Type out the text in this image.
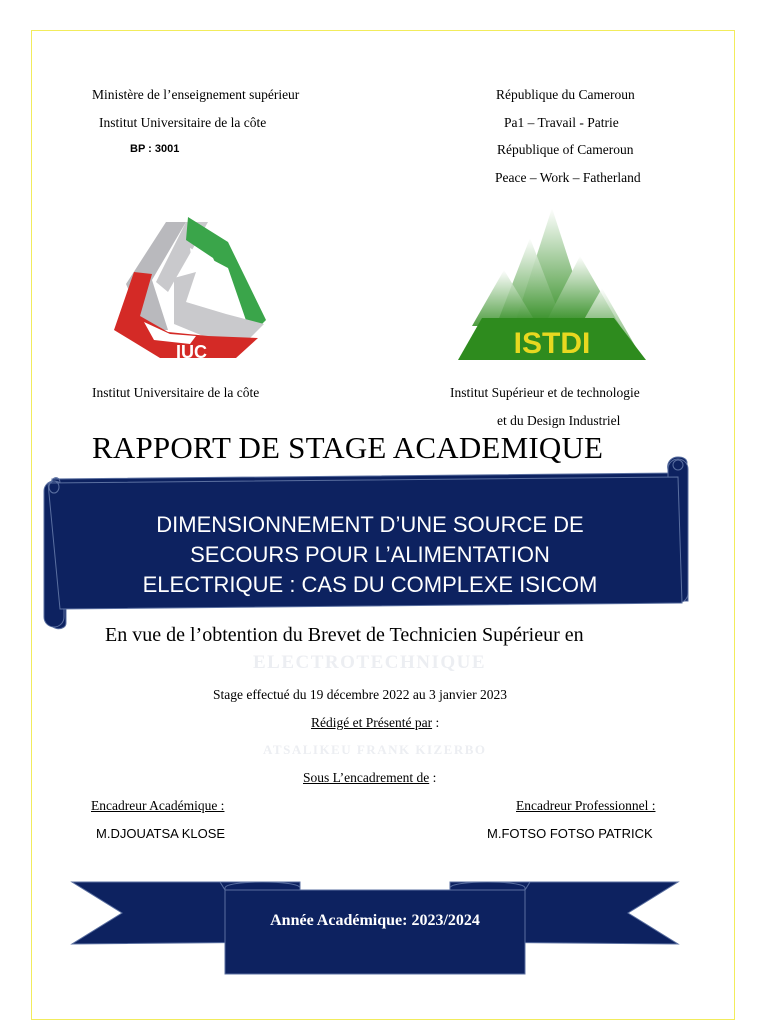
Ministère de l’enseignement supérieur
Institut Universitaire de la côte
BP : 3001
République du Cameroun
Pa1 – Travail - Patrie
République of Cameroun
Peace – Work – Fatherland
IUC	ISTDI
Institut Universitaire de la côte	Institut Supérieur et de technologie
et du Design Industriel
RAPPORT DE STAGE ACADEMIQUE
DIMENSIONNEMENT D’UNE SOURCE DE
SECOURS POUR L’ALIMENTATION
ELECTRIQUE : CAS DU COMPLEXE ISICOM
En vue de l’obtention du Brevet de Technicien Supérieur en
ELECTROTECHNIQUE
Stage effectué du 19 décembre 2022 au 3 janvier 2023
Rédigé et Présenté par :
ATSALIKEU FRANK KIZERBO
Sous L’encadrement de :
Encadreur Académique :
M.DJOUATSA KLOSE
Encadreur Professionnel :
M.FOTSO FOTSO PATRICK
Année Académique: 2023/2024
